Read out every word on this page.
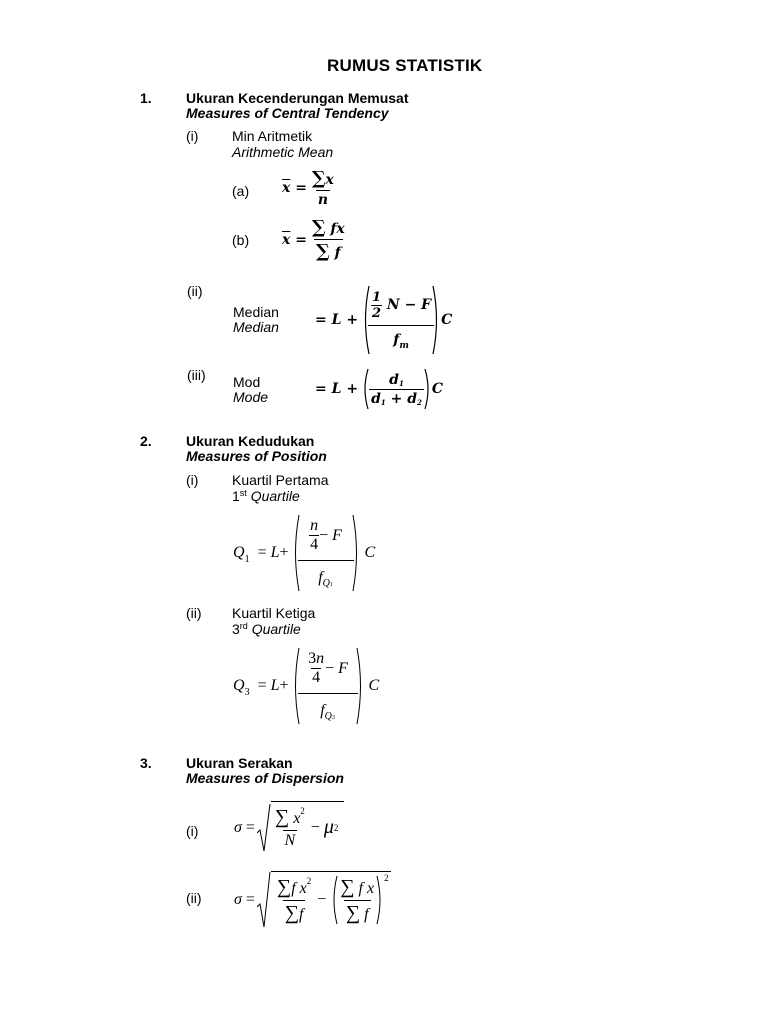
RUMUS STATISTIK
1. Ukuran Kecenderungan Memusat
Measures of Central Tendency
(i) Min Aritmetik
Arithmetic Mean
(a) $\overline{x}$
= $\frac{\sum x}{n}$
(b) $\overline{x}$
= $\frac{\sum fx}{\sum f}$
(ii)
Median
Median	= $L + \frac{\frac{1}{2} N - F}{f_m}$ C
(iii) Mod
Mode	= $L + \frac{d1}{d1 + d2}$ C
2. Ukuran Kedudukan
Measures of Position
(i) Kuartil Pertama
1st Quartile
Q 1
= $L + \frac{\frac{n}{4} - F}{f_{Q1}}$
C
(ii) Kuartil Ketiga
3rd Quartile
Q 3
= $L + \frac{\frac{3n}{4} - F}{f_{Q3}}$
C
3. Ukuran Serakan
Measures of Dispersion
(i) σ
= $\frac{\sum x^2}{N}$
−
μ 2
(ii) σ
= $\frac{\sum f x^2}{\sum f}$
−
$\frac{\text{∑ f x}}{\sum f} 2$
